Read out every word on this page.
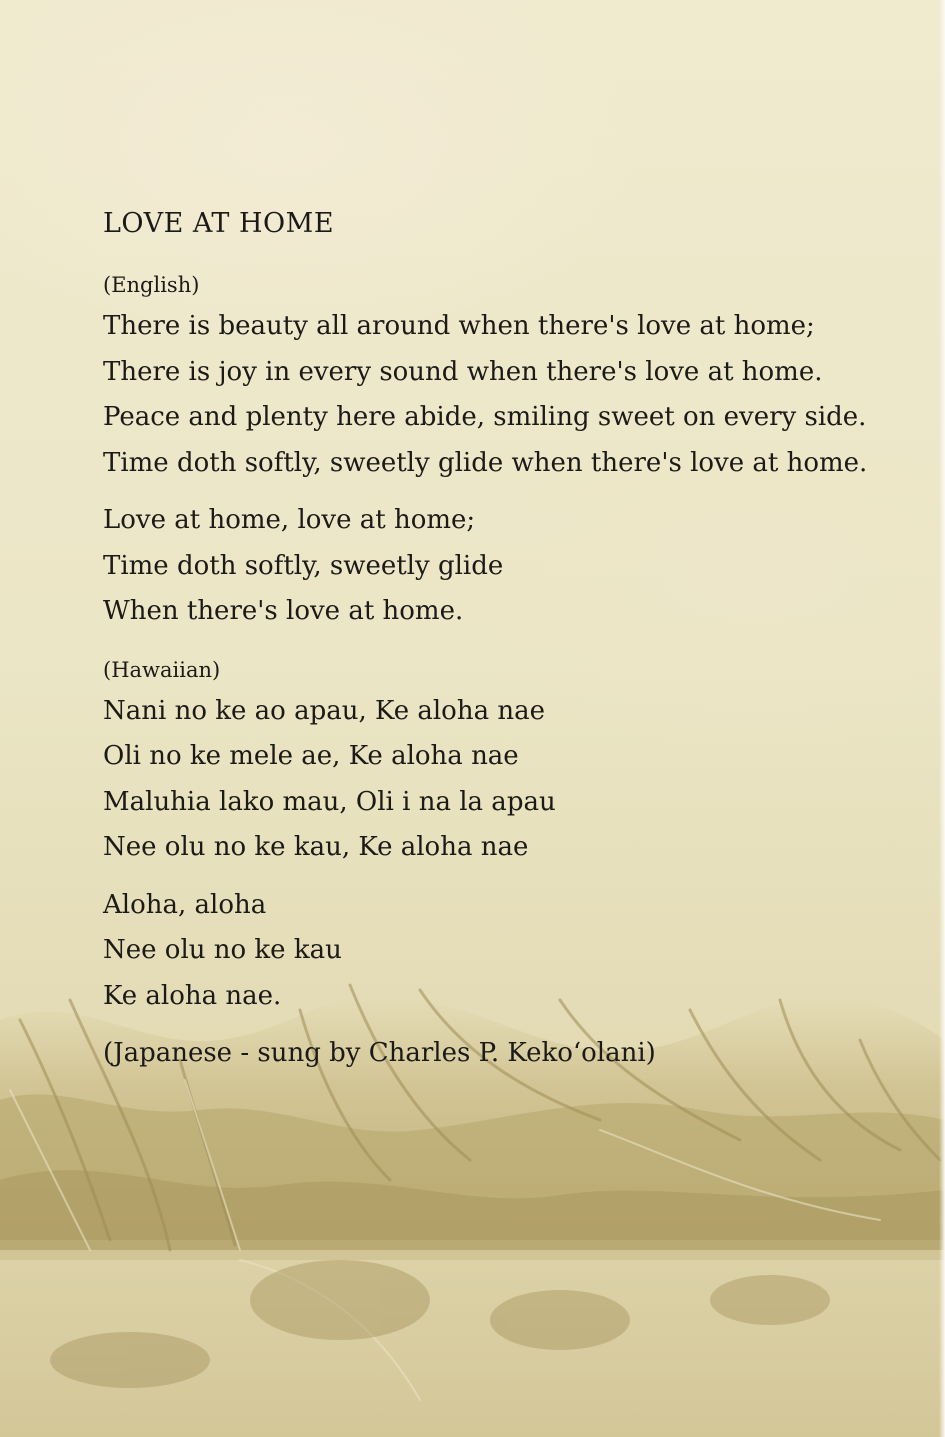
LOVE AT HOME
(English)
There is beauty all around when there's love at home;
There is joy in every sound when there's love at home.
Peace and plenty here abide, smiling sweet on every side.
Time doth softly, sweetly glide when there's love at home.
Love at home, love at home;
Time doth softly, sweetly glide
When there's love at home.
(Hawaiian)
Nani no ke ao apau, Ke aloha nae
Oli no ke mele ae, Ke aloha nae
Maluhia lako mau, Oli i na la apau
Nee olu no ke kau, Ke aloha nae
Aloha, aloha
Nee olu no ke kau
Ke aloha nae.
(Japanese - sung by Charles P. Kekoʻolani)
